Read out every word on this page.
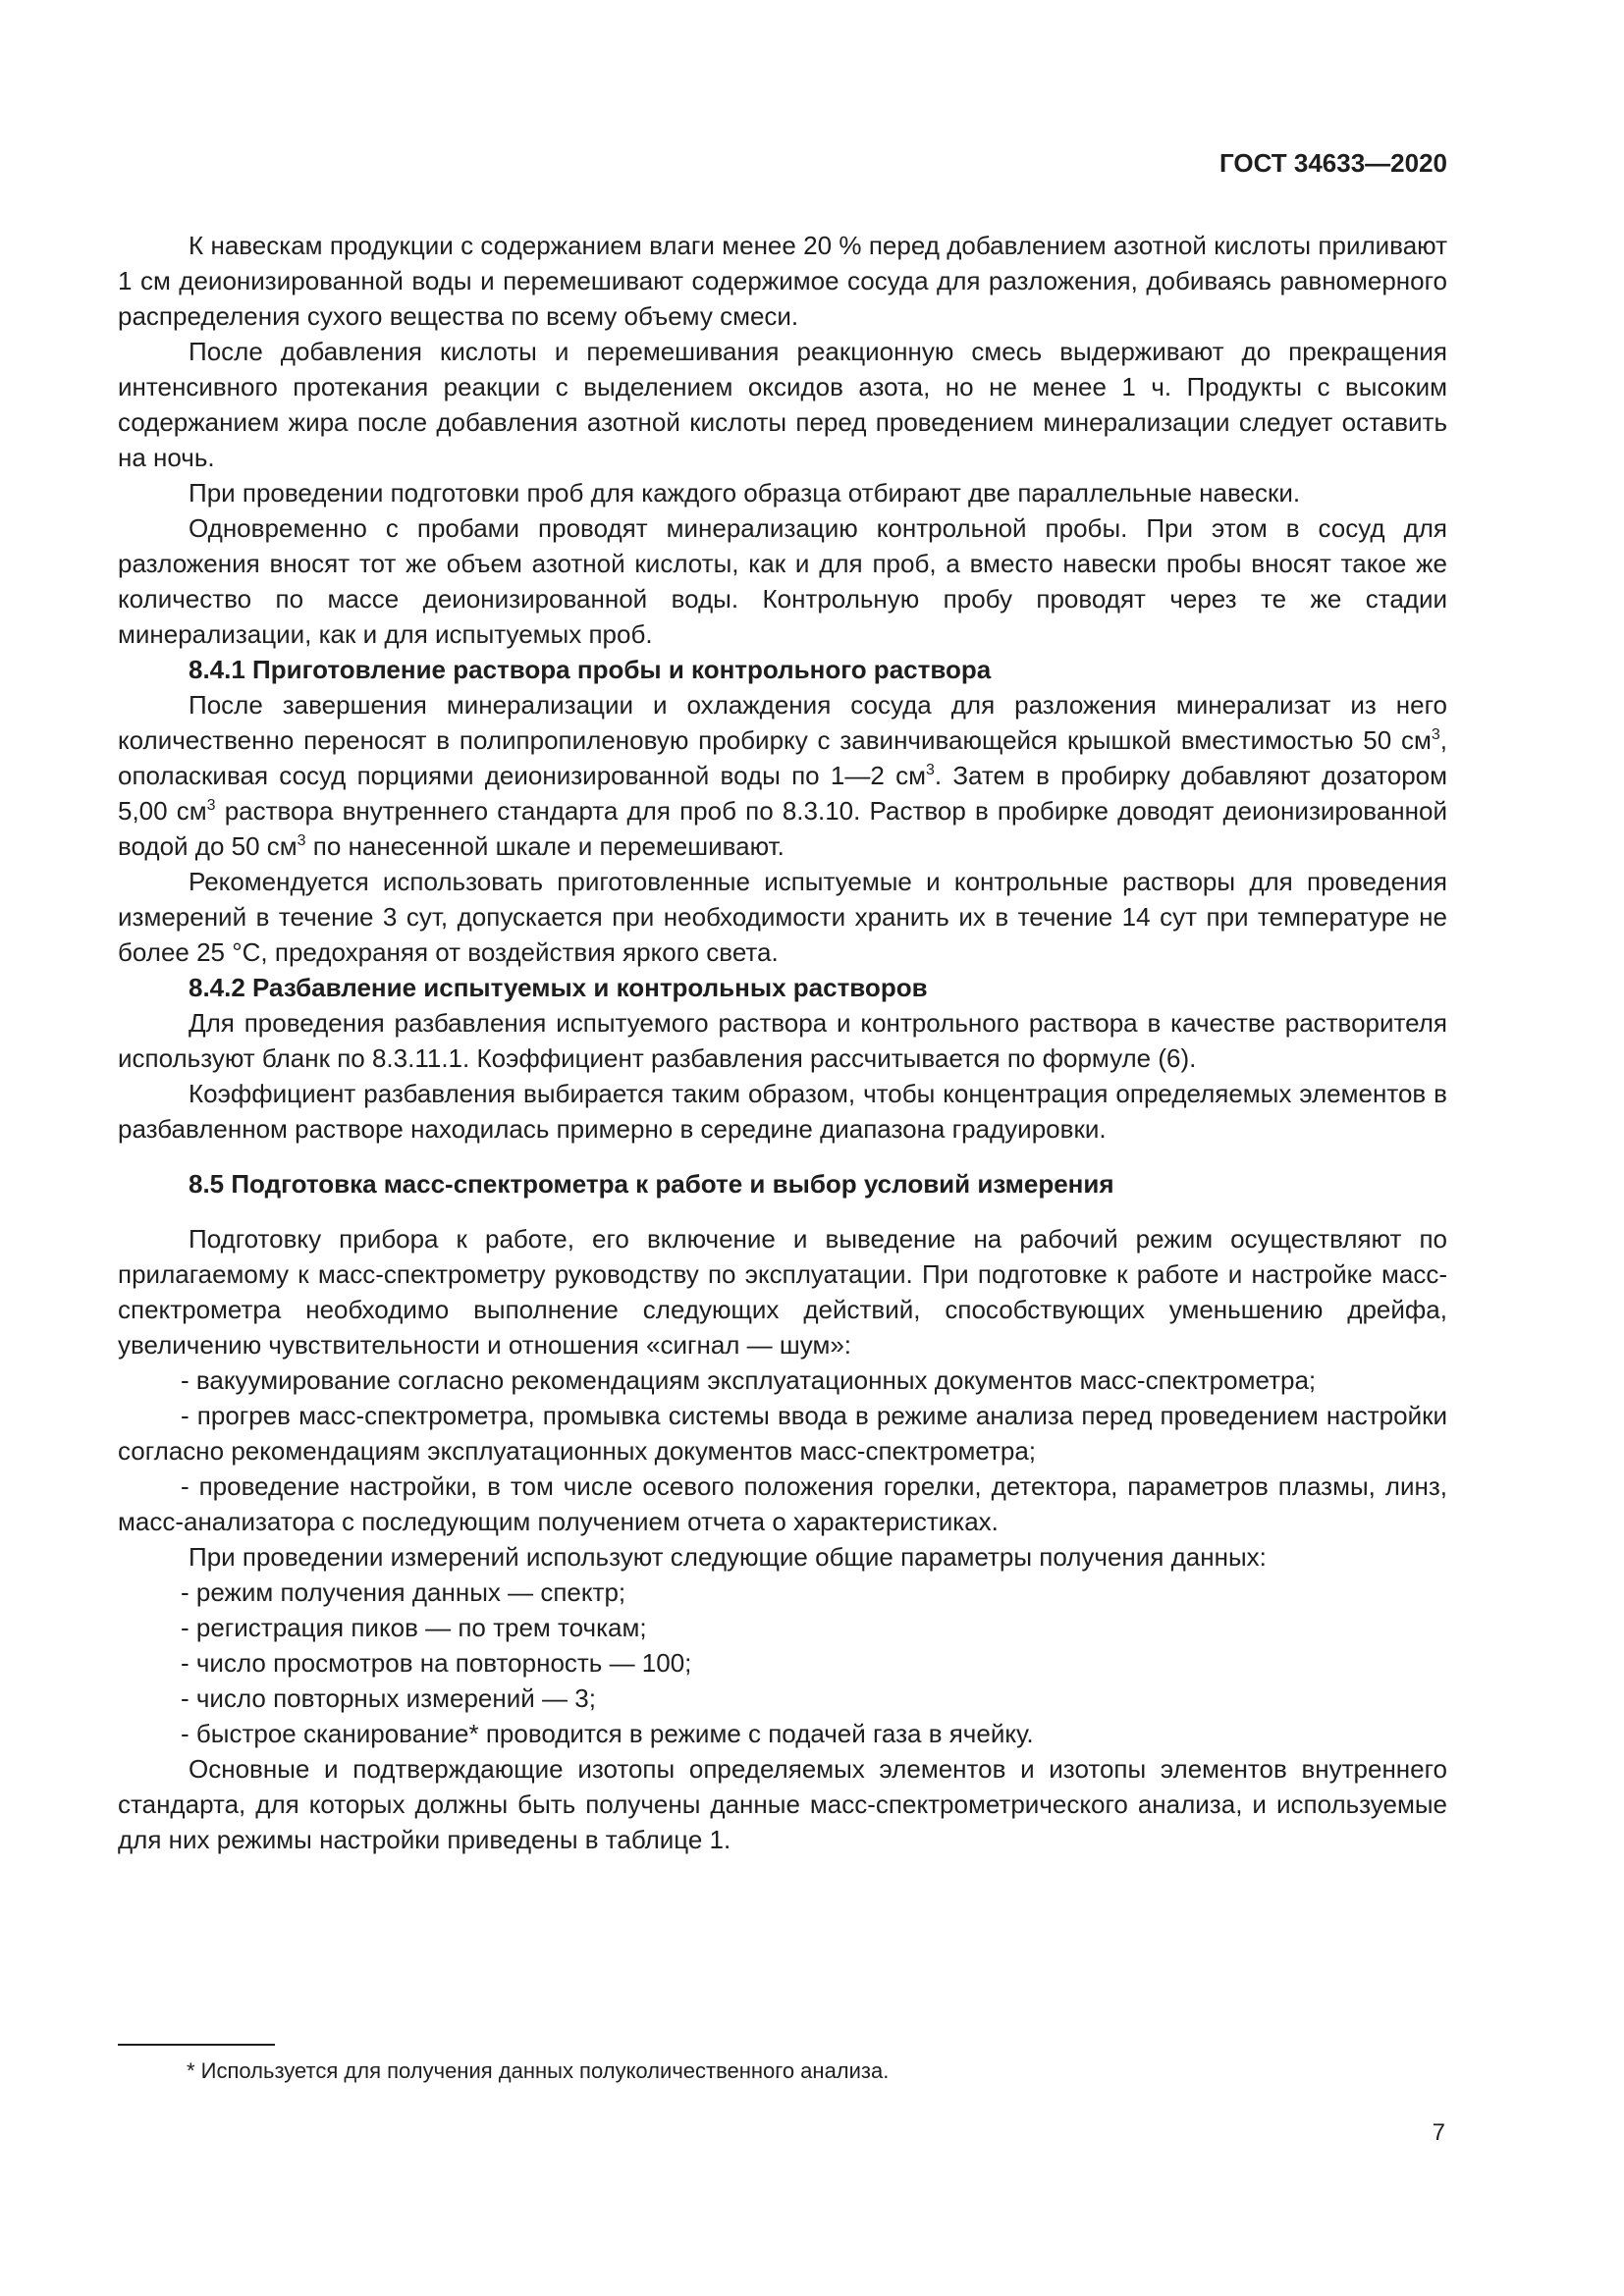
ГОСТ 34633—2020

К навескам продукции с содержанием влаги менее 20 % перед добавлением азотной кислоты приливают 1 см деионизированной воды и перемешивают содержимое сосуда для разложения, добиваясь равномерного распределения сухого вещества по всему объему смеси.

После добавления кислоты и перемешивания реакционную смесь выдерживают до прекращения интенсивного протекания реакции с выделением оксидов азота, но не менее 1 ч. Продукты с высоким содержанием жира после добавления азотной кислоты перед проведением минерализации следует оставить на ночь.

При проведении подготовки проб для каждого образца отбирают две параллельные навески.

Одновременно с пробами проводят минерализацию контрольной пробы. При этом в сосуд для разложения вносят тот же объем азотной кислоты, как и для проб, а вместо навески пробы вносят такое же количество по массе деионизированной воды. Контрольную пробу проводят через те же стадии минерализации, как и для испытуемых проб.

8.4.1 Приготовление раствора пробы и контрольного раствора

После завершения минерализации и охлаждения сосуда для разложения минерализат из него количественно переносят в полипропиленовую пробирку с завинчивающейся крышкой вместимостью 50 $см^3$, ополаскивая сосуд порциями деионизированной воды по 1—2 $см^3$. Затем в пробирку добавляют дозатором 5,00 $см^3$ раствора внутреннего стандарта для проб по 8.3.10. Раствор в пробирке доводят деионизированной водой до 50 $см^3$ по нанесенной шкале и перемешивают.

Рекомендуется использовать приготовленные испытуемые и контрольные растворы для проведения измерений в течение 3 сут, допускается при необходимости хранить их в течение 14 сут при температуре не более 25 °С, предохраняя от воздействия яркого света.

8.4.2 Разбавление испытуемых и контрольных растворов

Для проведения разбавления испытуемого раствора и контрольного раствора в качестве растворителя используют бланк по 8.3.11.1. Коэффициент разбавления рассчитывается по формуле (6).

Коэффициент разбавления выбирается таким образом, чтобы концентрация определяемых элементов в разбавленном растворе находилась примерно в середине диапазона градуировки.

8.5 Подготовка масс-спектрометра к работе и выбор условий измерения

Подготовку прибора к работе, его включение и выведение на рабочий режим осуществляют по прилагаемому к масс-спектрометру руководству по эксплуатации. При подготовке к работе и настройке масс-спектрометра необходимо выполнение следующих действий, способствующих уменьшению дрейфа, увеличению чувствительности и отношения «сигнал — шум»:

- вакуумирование согласно рекомендациям эксплуатационных документов масс-спектрометра;

- прогрев масс-спектрометра, промывка системы ввода в режиме анализа перед проведением настройки согласно рекомендациям эксплуатационных документов масс-спектрометра;

- проведение настройки, в том числе осевого положения горелки, детектора, параметров плазмы, линз, масс-анализатора с последующим получением отчета о характеристиках.

При проведении измерений используют следующие общие параметры получения данных:

- режим получения данных — спектр;

- регистрация пиков — по трем точкам;

- число просмотров на повторность — 100;

- число повторных измерений — 3;

- быстрое сканирование* проводится в режиме с подачей газа в ячейку.

Основные и подтверждающие изотопы определяемых элементов и изотопы элементов внутреннего стандарта, для которых должны быть получены данные масс-спектрометрического анализа, и используемые для них режимы настройки приведены в таблице 1.

* Используется для получения данных полуколичественного анализа.
7
